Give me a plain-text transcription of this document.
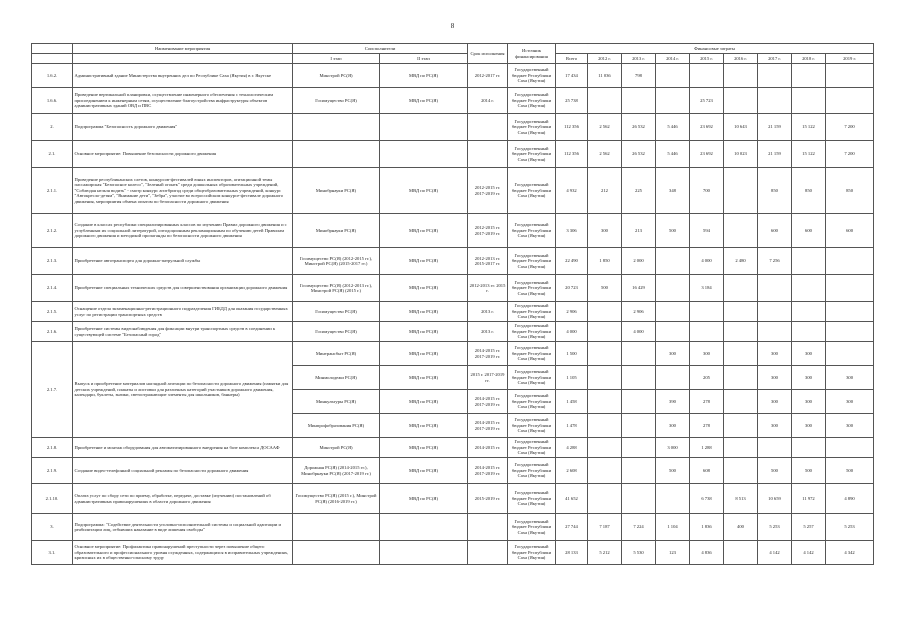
8
	Наименование мероприятия	Соисполнители		Срок исполнения	Источник финансирования	Финансовые затраты								
		I этап	II этап			Всего	2012 г.	2013 г.	2014 г.	2015 г.	2016 г.	2017 г.	2018 г.	2019 г.
1.6.2.	Административный здание Министерства внутренних дел по Республике Саха (Якутия) в г. Якутске	Минстрой РС(Я)	МВД по РС(Я)	2012-2017 гг.	Государственный бюджет Республики Саха (Якутия)	17 434	11 036	798						
1.6.6.	Проведение вертикальной планировки, осуществление инженерного обеспечения с технологическим присоединением к инженерным сетям, осуществление благоустройства инфраструктуры объектов административных зданий ОВД и ПВС	Госимущество РС(Я)	МВД по РС(Я)	2014 г.	Государственный бюджет Республики Саха (Якутия)	25 738				25 723				
2.	Подпрограмма "Безопасность дорожного движения"				Государственный бюджет Республики Саха (Якутия)	112 356	2 562	26 532	5 446	23 692	10 643	21 159	15 122	7 200
2.1.	Основное мероприятие: Повышение безопасности дорожного движения				Государственный бюджет Республики Саха (Якутия)	112 356	2 562	26 532	5 446	23 692	10 023	21 159	15 122	7 200
2.1.1.	Проведение республиканских слетов, конкурсов-фестивалей юных инспекторов, агитационной темы пассажирская "Безопасное колесо", "Зеленый огонек" среди дошкольных образовательных учреждений, "Соблюдая нельзя водить" - смотр конкурс агитбригад среди общеобразовательных учреждений, конкурс "Автокресло-детям", "Внимание дети", "Зебра", участие во всероссийском конкурсе-фестивале дорожного движения, мероприятия обмена опытом по безопасности дорожного движения	Минобрнауки РС(Я)	МВД по РС(Я)	2012-2015 гг. 2017-2019 гг.	Государственный бюджет Республики Саха (Якутия)	4 932	212	225	348	700		850	850	850
2.1.2.	Создание в классах республики специализированных классов по изучению Правил дорожного движения и с углубленным их социальной литературой, оптодоционным рекламационным по обучению детей Правилам дорожного движения и методикой пропаганды по безопасности дорожного движения	Минобрнауки РС(Я)	МВД по РС(Я)	2012-2015 гг. 2017-2019 гг.	Государственный бюджет Республики Саха (Якутия)	3 306	300	213	500	594		600	600	600
2.1.3.	Приобретение автотранспорта для дорожно-патрульной службы	Госимущество РС(Я) (2012-2015 гг.), Минстрой РС(Я) (2015-2017 гг.)	МВД по РС(Я)	2012-2013 гг. 2015-2017 гг.	Государственный бюджет Республики Саха (Якутия)	22 490	1 850	2 000		4 000	2 480	7 256		
2.1.4.	Приобретение специальных технических средств для совершенствования организации дорожного движения	Госимущество РС(Я) (2012-2013 гг.), Минстрой РС(Я) (2015 г.)	МВД по РС(Я)	2012-2013 гг. 2015 г.	Государственный бюджет Республики Саха (Якутия)	20 723	500	16 429		3 184				
2.1.5.	Оснащение отдела экзаменационно-регистрационного подразделения ГИБДД для оказания государственных услуг по регистрации транспортных средств	Госимущество РС(Я)	МВД по РС(Я)	2013 г.	Государственный бюджет Республики Саха (Якутия)	2 906		2 906						
2.1.6.	Приобретение системы видеонаблюдения для фиксации внутри транспортных средств в соединении к существующей системе "Безопасный город"	Госимущество РС(Я)	МВД по РС(Я)	2013 г.	Государственный бюджет Республики Саха (Якутия)	4 000		4 000						
2.1.7.	Выпуск и приобретение материалов наглядной агитации по безопасности дорожного движения (памятки для детских учреждений, плакаты и листовки для различных категорий участников дорожного движения, календари, буклеты, значки, светоотражающие элементы для школьников, баннеры)	Минтрансбыт РС(Я)	МВД по РС(Я)	2014-2015 гг. 2017-2019 гг.	Государственный бюджет Республики Саха (Якутия)	1 500			300	300		300	300	
		Минмолодежи РС(Я)	МВД по РС(Я)	2015 г. 2017-2019 гг.	Государственный бюджет Республики Саха (Якутия)	1 105				205		300	300	300
		Минкультуры РС(Я)	МВД по РС(Я)	2014-2015 гг. 2017-2019 гг.	Государственный бюджет Республики Саха (Якутия)	1 458			390	278		300	300	300
		Минпрофобразования РС(Я)	МВД по РС(Я)	2014-2015 гг. 2017-2019 гг.	Государственный бюджет Республики Саха (Якутия)	1 478			300	278		300	300	300
2.1.8.	Приобретение и монтаж оборудования для автоматизированного внедрения на базе комплекса ДОСААФ	Минстрой РС(Я)	МВД по РС(Я)	2014-2015 гг.	Государственный бюджет Республики Саха (Якутия)	4 288			3 000	1 288				
2.1.9.	Создание видео-телефонной социальной рекламы по безопасности дорожного движения	Дорожная РС(Я) (2014-2015 гг.), Минобрнауки РС(Я) (2017-2019 гг.)	МВД по РС(Я)	2014-2015 гг. 2017-2019 гг.	Государственный бюджет Республики Саха (Якутия)	2 608			500	608		500	500	500
2.1.10.	Оплата услуг по сбору сети по приему, обработке, передаче, доставке (изучению) постановлений об административных правонарушениях в области дорожного движения	Госимущество РС(Я) (2015 г.), Минстрой РС(Я) (2016-2019 гг.)	МВД по РС(Я)	2015-2019 гг.	Государственный бюджет Республики Саха (Якутия)	41 652				6 738	8 513	10 659	11 972	4 890
3.	Подпрограмма: "Содействие деятельности уголовно-исполнительной системы и социальной адаптации и реабилитации лиц, отбывших наказание в виде лишения свободы"				Государственный бюджет Республики Саха (Якутия)	27 744	7 187	7 224	1 104	1 836	400	5 253	5 257	5 253
3.1.	Основное мероприятие: Профилактика правонарушений преступности через повышение общего образовательного и профессионального уровня осужденных, содержащихся в исправительных учреждениях, кризисных их в общественно-опасному труду				Государственный бюджет Республики Саха (Якутия)	28 133	5 212	5 530	123	4 836		4 142	4 142	4 342
